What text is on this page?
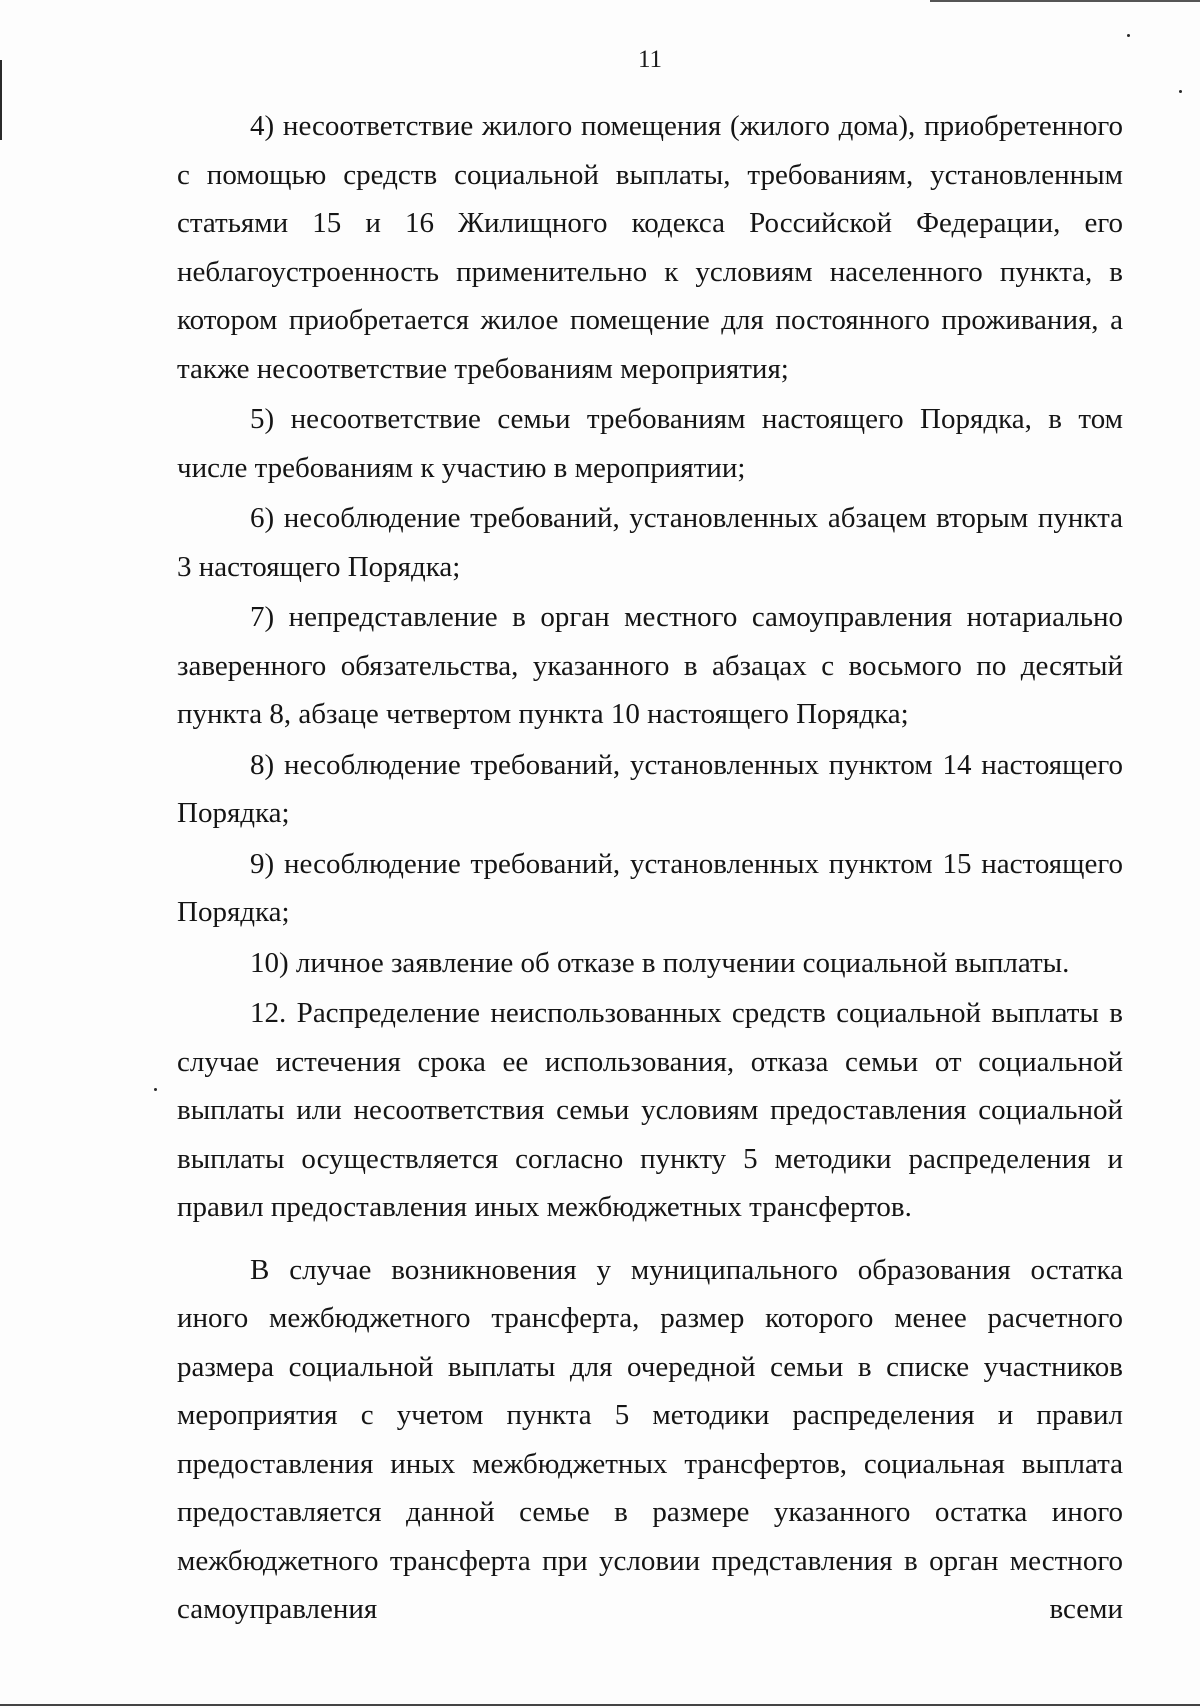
11

4) несоответствие жилого помещения (жилого дома), приобретенного с помощью средств социальной выплаты, требованиям, установленным статьями 15 и 16 Жилищного кодекса Российской Федерации, его неблагоустроенность применительно к условиям населенного пункта, в котором приобретается жилое помещение для постоянного проживания, а также несоответствие требованиям мероприятия;

5) несоответствие семьи требованиям настоящего Порядка, в том числе требованиям к участию в мероприятии;

6) несоблюдение требований, установленных абзацем вторым пункта 3 настоящего Порядка;

7) непредставление в орган местного самоуправления нотариально заверенного обязательства, указанного в абзацах с восьмого по десятый пункта 8, абзаце четвертом пункта 10 настоящего Порядка;

8) несоблюдение требований, установленных пунктом 14 настоящего Порядка;

9) несоблюдение требований, установленных пунктом 15 настоящего Порядка;

10) личное заявление об отказе в получении социальной выплаты.

12. Распределение неиспользованных средств социальной выплаты в случае истечения срока ее использования, отказа семьи от социальной выплаты или несоответствия семьи условиям предоставления социальной выплаты осуществляется согласно пункту 5 методики распределения и правил предоставления иных межбюджетных трансфертов.

В случае возникновения у муниципального образования остатка иного межбюджетного трансферта, размер которого менее расчетного размера социальной выплаты для очередной семьи в списке участников мероприятия с учетом пункта 5 методики распределения и правил предоставления иных межбюджетных трансфертов, социальная выплата предоставляется данной семье в размере указанного остатка иного межбюджетного трансферта при условии представления в орган местного самоуправления всеми
